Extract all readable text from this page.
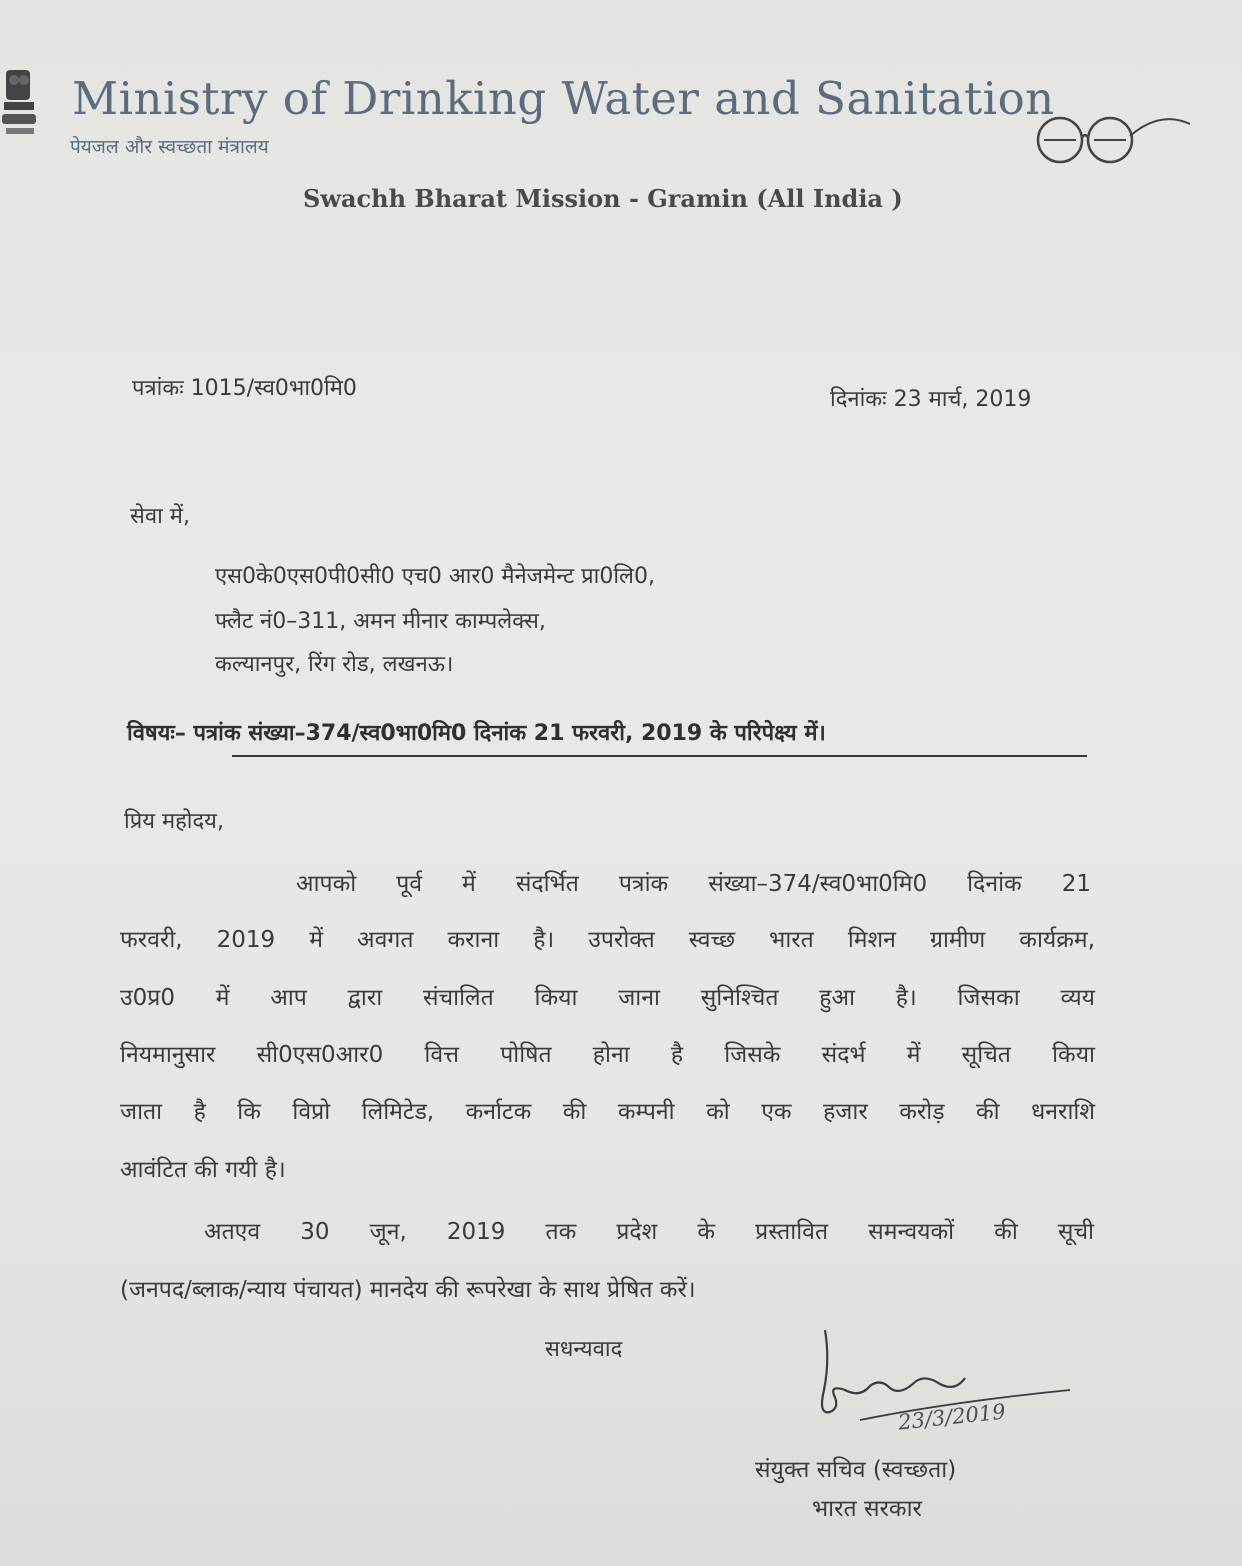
Ministry of Drinking Water and Sanitation
पेयजल और स्वच्छता मंत्रालय
Swachh Bharat Mission - Gramin (All India )
पत्रांकः 1015/स्व0भा0मि0	दिनांकः 23 मार्च, 2019
सेवा में,
एस0के0एस0पी0सी0 एच0 आर0 मैनेजमेन्ट प्रा0लि0,
फ्लैट नं0–311, अमन मीनार काम्पलेक्स,
कल्यानपुर, रिंग रोड, लखनऊ।
विषयः– पत्रांक संख्या–374/स्व0भा0मि0 दिनांक 21 फरवरी, 2019 के परिपेक्ष्य में।
प्रिय महोदय,
आपको पूर्व में संदर्भित पत्रांक संख्या–374/स्व0भा0मि0 दिनांक 21
फरवरी, 2019 में अवगत कराना है। उपरोक्त स्वच्छ भारत मिशन ग्रामीण कार्यक्रम,
उ0प्र0 में आप द्वारा संचालित किया जाना सुनिश्चित हुआ है। जिसका व्यय
नियमानुसार सी0एस0आर0 वित्त पोषित होना है जिसके संदर्भ में सूचित किया
जाता है कि विप्रो लिमिटेड, कर्नाटक की कम्पनी को एक हजार करोड़ की धनराशि
आवंटित की गयी है।
अतएव 30 जून, 2019 तक प्रदेश के प्रस्तावित समन्वयकों की सूची
(जनपद/ब्लाक/न्याय पंचायत) मानदेय की रूपरेखा के साथ प्रेषित करें।
सधन्यवाद
23/3/2019
संयुक्त सचिव (स्वच्छता)
भारत सरकार
